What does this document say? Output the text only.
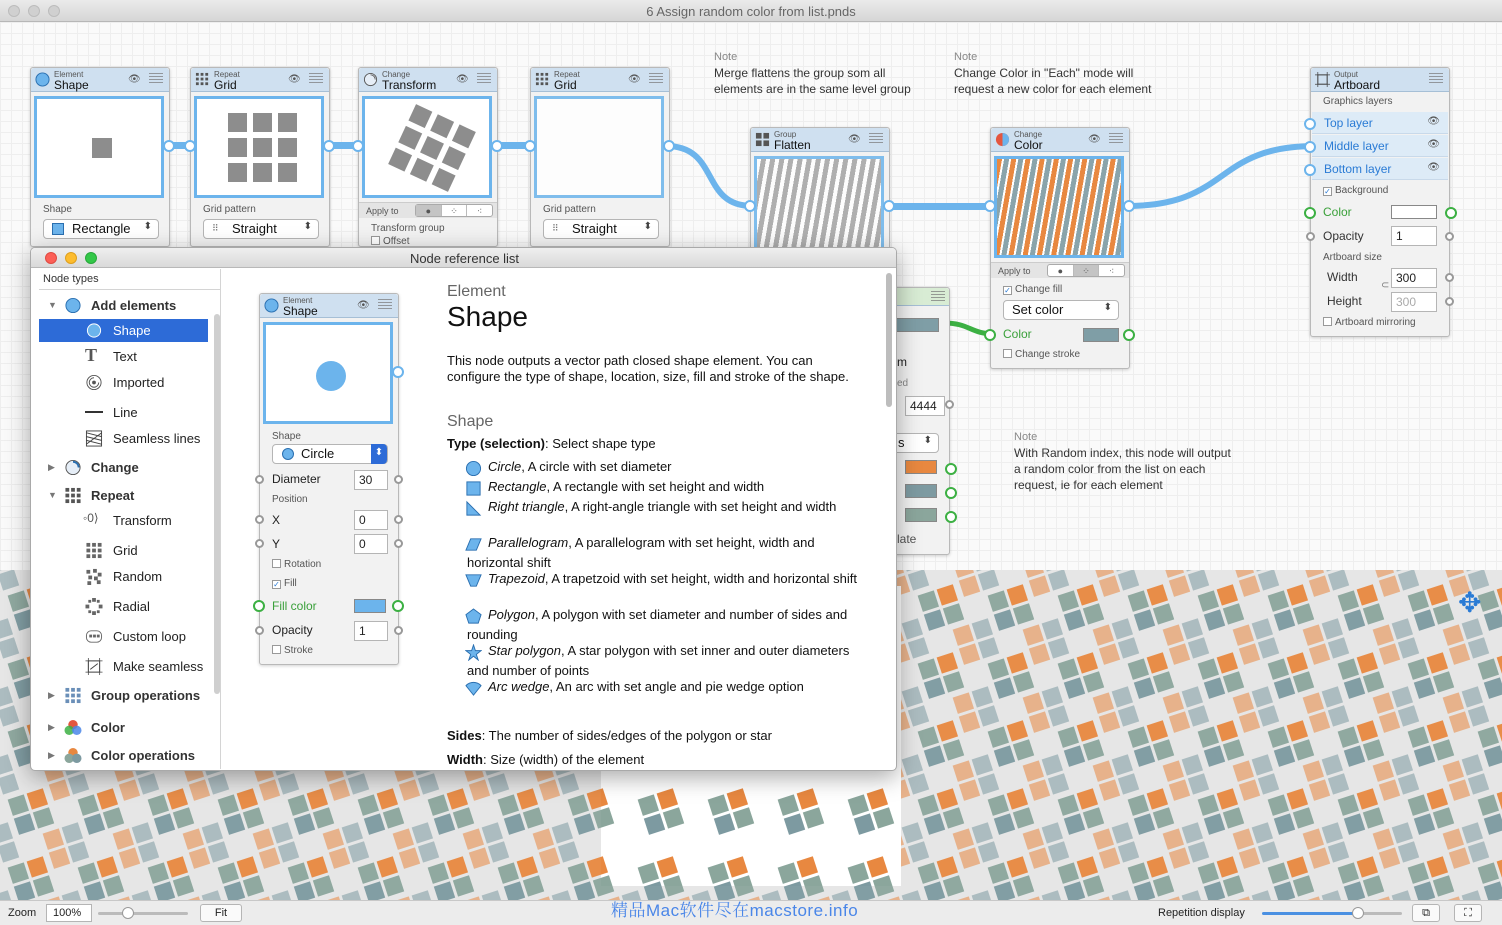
6 Assign random color from list.pnds
Element
Shape	👁
Shape
Rectangle ⬍
Repeat
Grid	👁
Grid pattern
⠿ Straight	⬍
Change
Transform 👁
Apply to	●	⁘	⁖
Transform group
Offset
Repeat
Grid	👁
Grid pattern
⠿ Straight	⬍
Group
Flatten	👁	Change
Color	👁
Apply to	●	⁘	⁖
✓ Change fill
Set color	⬍
Color
Change stroke
Output
Artboard
Graphics layers
Top layer	👁
Middle layer	👁
Bottom layer	👁
✓ Background
Color
Opacity	1
Artboard size
Width	300
Height	300
⊂
Artboard mirroring
m
ed
4444
s ⬍
late
Note
Merge flattens the group som all elements are in the same level group
Note
Change Color in "Each" mode will request a new color for each element
Note
With Random index, this node will output a random color from the list on each request, ie for each element
✥
Node reference list
Node types
▼	Add elements
Shape
T	Text
Imported
Line
Seamless lines
▶	Change
▼	Repeat
◦0⟩ Transform
Grid
Random
Radial
Custom loop
Make seamless
▶	Group operations
▶	Color
▶	Color operations
Element
Shape	👁
Shape
Circle	⬍
Diameter	30
Position
X	0
Y	0
Rotation
✓ Fill
Fill color
Opacity	1
Stroke
Element
Shape
This node outputs a vector path closed shape element. You can configure the type of shape, location, size, fill and stroke of the shape.
Shape
Type (selection): Select shape type
Circle, A circle with set diameter
Rectangle, A rectangle with set height and width
Right triangle, A right-angle triangle with set height and width
Parallelogram, A parallelogram with set height, width and horizontal shift
Trapezoid, A trapetzoid with set height, width and horizontal shift
Polygon, A polygon with set diameter and number of sides and rounding
Star polygon, A star polygon with set inner and outer diameters and number of points
Arc wedge, An arc with set angle and pie wedge option
Sides: The number of sides/edges of the polygon or star
Width: Size (width) of the element
Zoom	100%	Fit	精品Mac软件尽在macstore.info	Repetition display	⧉	⛶
